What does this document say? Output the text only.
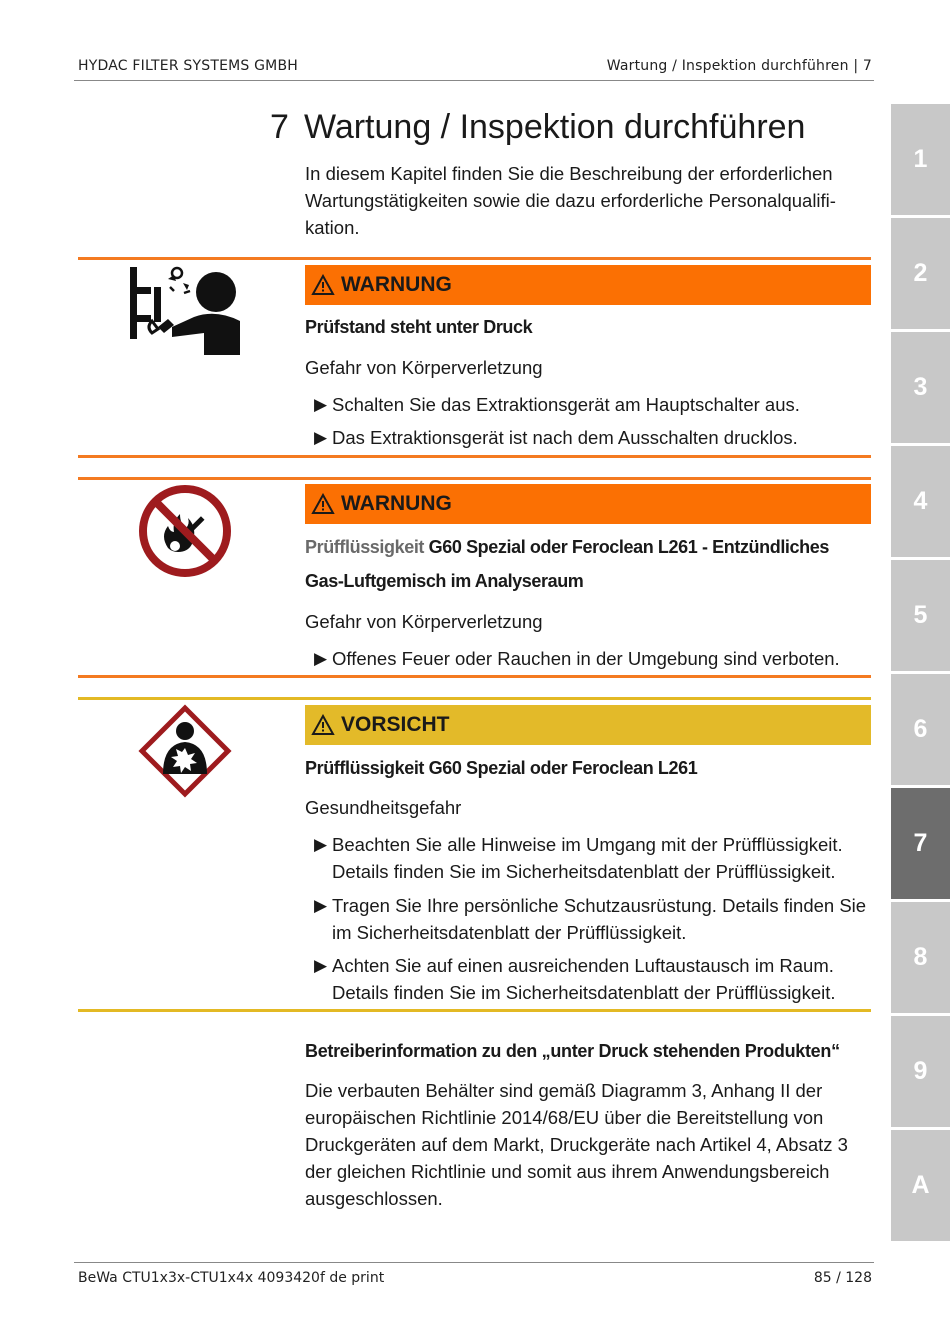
HYDAC FILTER SYSTEMS GMBH	Wartung / Inspektion durchführen | 7
7 Wartung / Inspektion durchführen
In diesem Kapitel finden Sie die Beschreibung der erforderlichen Wartungstätigkeiten sowie die dazu erforderliche Personalqualifi-kation.
WARNUNG
Prüfstand steht unter Druck
Gefahr von Körperverletzung
▶ Schalten Sie das Extraktionsgerät am Hauptschalter aus.
▶ Das Extraktionsgerät ist nach dem Ausschalten drucklos.
WARNUNG
Prüfflüssigkeit G60 Spezial oder Feroclean L261 - Entzündliches Gas-Luftgemisch im Analyseraum
Gefahr von Körperverletzung
▶ Offenes Feuer oder Rauchen in der Umgebung sind verboten.
VORSICHT
Prüfflüssigkeit G60 Spezial oder Feroclean L261
Gesundheitsgefahr
▶ Beachten Sie alle Hinweise im Umgang mit der Prüfflüssigkeit. Details finden Sie im Sicherheitsdatenblatt der Prüfflüssigkeit.
▶ Tragen Sie Ihre persönliche Schutzausrüstung. Details finden Sie im Sicherheitsdatenblatt der Prüfflüssigkeit.
▶ Achten Sie auf einen ausreichenden Luftaustausch im Raum. Details finden Sie im Sicherheitsdatenblatt der Prüfflüssigkeit.
Betreiberinformation zu den „unter Druck stehenden Produkten“
Die verbauten Behälter sind gemäß Diagramm 3, Anhang II der europäischen Richtlinie 2014/68/EU über die Bereitstellung von Druckgeräten auf dem Markt, Druckgeräte nach Artikel 4, Absatz 3 der gleichen Richtlinie und somit aus ihrem Anwendungsbereich ausgeschlossen.
BeWa CTU1x3x-CTU1x4x 4093420f de print	85 / 128
1
2
3
4
5
6
7
8
9
A
